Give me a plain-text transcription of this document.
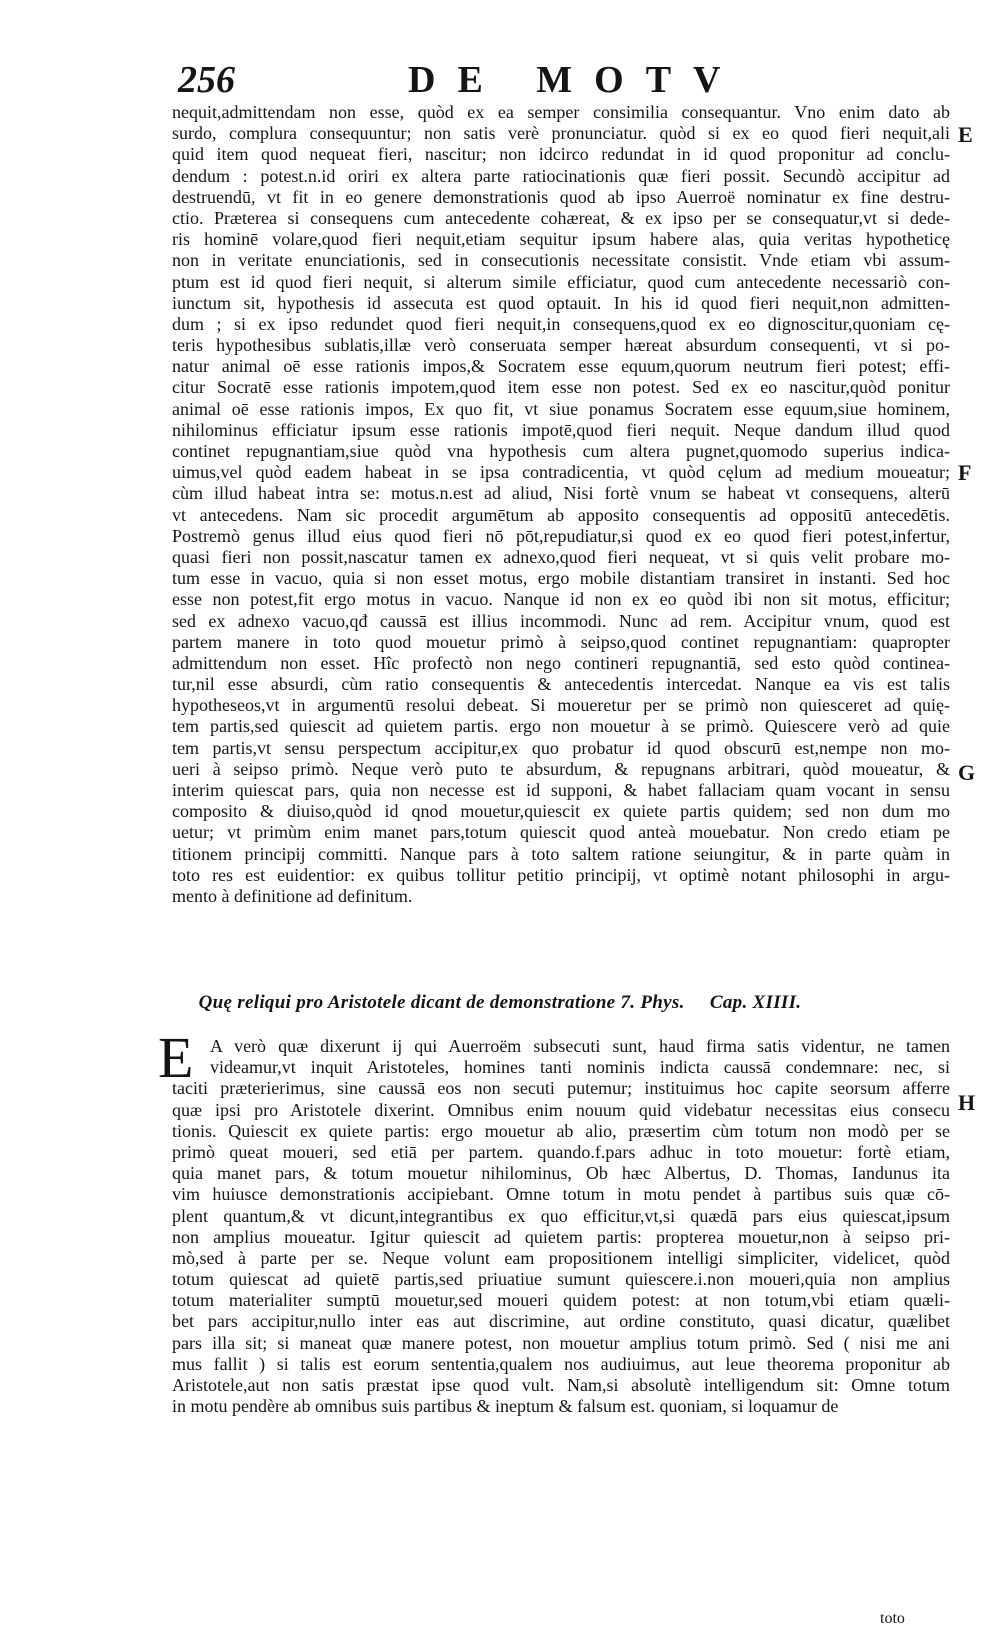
256	DE MOTV
nequit,admittendam non esse, quòd ex ea semper consimilia consequantur. Vno enim dato ab
surdo, complura consequuntur; non satis verè pronunciatur. quòd si ex eo quod fieri nequit,ali
quid item quod nequeat fieri, nascitur; non idcirco redundat in id quod proponitur ad conclu-
dendum : potest.n.id oriri ex altera parte ratiocinationis quæ fieri possit. Secundò accipitur ad
destruendū, vt fit in eo genere demonstrationis quod ab ipso Auerroë nominatur ex fine destru-
ctio. Præterea si consequens cum antecedente cohæreat, & ex ipso per se consequatur,vt si dede-
ris hominē volare,quod fieri nequit,etiam sequitur ipsum habere alas, quia veritas hypotheticę
non in veritate enunciationis, sed in consecutionis necessitate consistit. Vnde etiam vbi assum-
ptum est id quod fieri nequit, si alterum simile efficiatur, quod cum antecedente necessariò con-
iunctum sit, hypothesis id assecuta est quod optauit. In his id quod fieri nequit,non admitten-
dum ; si ex ipso redundet quod fieri nequit,in consequens,quod ex eo dignoscitur,quoniam cę-
teris hypothesibus sublatis,illæ verò conseruata semper hæreat absurdum consequenti, vt si po-
natur animal oē esse rationis impos,& Socratem esse equum,quorum neutrum fieri potest; effi-
citur Socratē esse rationis impotem,quod item esse non potest. Sed ex eo nascitur,quòd ponitur
animal oē esse rationis impos, Ex quo fit, vt siue ponamus Socratem esse equum,siue hominem,
nihilominus efficiatur ipsum esse rationis impotē,quod fieri nequit. Neque dandum illud quod
continet repugnantiam,siue quòd vna hypothesis cum altera pugnet,quomodo superius indica-
uimus,vel quòd eadem habeat in se ipsa contradicentia, vt quòd cęlum ad medium moueatur;
cùm illud habeat intra se: motus.n.est ad aliud, Nisi fortè vnum se habeat vt consequens, alterū
vt antecedens. Nam sic procedit argumētum ab apposito consequentis ad oppositū antecedētis.
Postremò genus illud eius quod fieri nō pōt,repudiatur,si quod ex eo quod fieri potest,infertur,
quasi fieri non possit,nascatur tamen ex adnexo,quod fieri nequeat, vt si quis velit probare mo-
tum esse in vacuo, quia si non esset motus, ergo mobile distantiam transiret in instanti. Sed hoc
esse non potest,fit ergo motus in vacuo. Nanque id non ex eo quòd ibi non sit motus, efficitur;
sed ex adnexo vacuo,qđ caussā est illius incommodi. Nunc ad rem. Accipitur vnum, quod est
partem manere in toto quod mouetur primò à seipso,quod continet repugnantiam: quapropter
admittendum non esset. Hîc profectò non nego contineri repugnantiā, sed esto quòd continea-
tur,nil esse absurdi, cùm ratio consequentis & antecedentis intercedat. Nanque ea vis est talis
hypotheseos,vt in argumentū resolui debeat. Si moueretur per se primò non quiesceret ad quię-
tem partis,sed quiescit ad quietem partis. ergo non mouetur à se primò. Quiescere verò ad quie
tem partis,vt sensu perspectum accipitur,ex quo probatur id quod obscurū est,nempe non mo-
ueri à seipso primò. Neque verò puto te absurdum, & repugnans arbitrari, quòd moueatur, &
interim quiescat pars, quia non necesse est id supponi, & habet fallaciam quam vocant in sensu
composito & diuiso,quòd id qnod mouetur,quiescit ex quiete partis quidem; sed non dum mo
uetur; vt primùm enim manet pars,totum quiescit quod anteà mouebatur. Non credo etiam pe
titionem principij committi. Nanque pars à toto saltem ratione seiungitur, & in parte quàm in
toto res est euidentior: ex quibus tollitur petitio principij, vt optimè notant philosophi in argu-
mento à definitione ad definitum.
Quę reliqui pro Aristotele dicant de demonstratione 7. Phys. Cap. XIIII.
E A verò quæ dixerunt ij qui Auerroëm subsecuti sunt, haud firma satis videntur, ne tamen
videamur,vt inquit Aristoteles, homines tanti nominis indicta caussā condemnare: nec, si
taciti præterierimus, sine caussā eos non secuti putemur; instituimus hoc capite seorsum afferre
quæ ipsi pro Aristotele dixerint. Omnibus enim nouum quid videbatur necessitas eius consecu
tionis. Quiescit ex quiete partis: ergo mouetur ab alio, præsertim cùm totum non modò per se
primò queat moueri, sed etiā per partem. quando.f.pars adhuc in toto mouetur: fortè etiam,
quia manet pars, & totum mouetur nihilominus, Ob hæc Albertus, D. Thomas, Iandunus ita
vim huiusce demonstrationis accipiebant. Omne totum in motu pendet à partibus suis quæ cō-
plent quantum,& vt dicunt,integrantibus ex quo efficitur,vt,si quædā pars eius quiescat,ipsum
non amplius moueatur. Igitur quiescit ad quietem partis: propterea mouetur,non à seipso pri-
mò,sed à parte per se. Neque volunt eam propositionem intelligi simpliciter, videlicet, quòd
totum quiescat ad quietē partis,sed priuatiue sumunt quiescere.i.non moueri,quia non amplius
totum materialiter sumptū mouetur,sed moueri quidem potest: at non totum,vbi etiam quæli-
bet pars accipitur,nullo inter eas aut discrimine, aut ordine constituto, quasi dicatur, quælibet
pars illa sit; si maneat quæ manere potest, non mouetur amplius totum primò. Sed ( nisi me ani
mus fallit ) si talis est eorum sententia,qualem nos audiuimus, aut leue theorema proponitur ab
Aristotele,aut non satis præstat ipse quod vult. Nam,si absolutè intelligendum sit: Omne totum
in motu pendère ab omnibus suis partibus & ineptum & falsum est. quoniam, si loquamur de
toto
E
F
G
H
